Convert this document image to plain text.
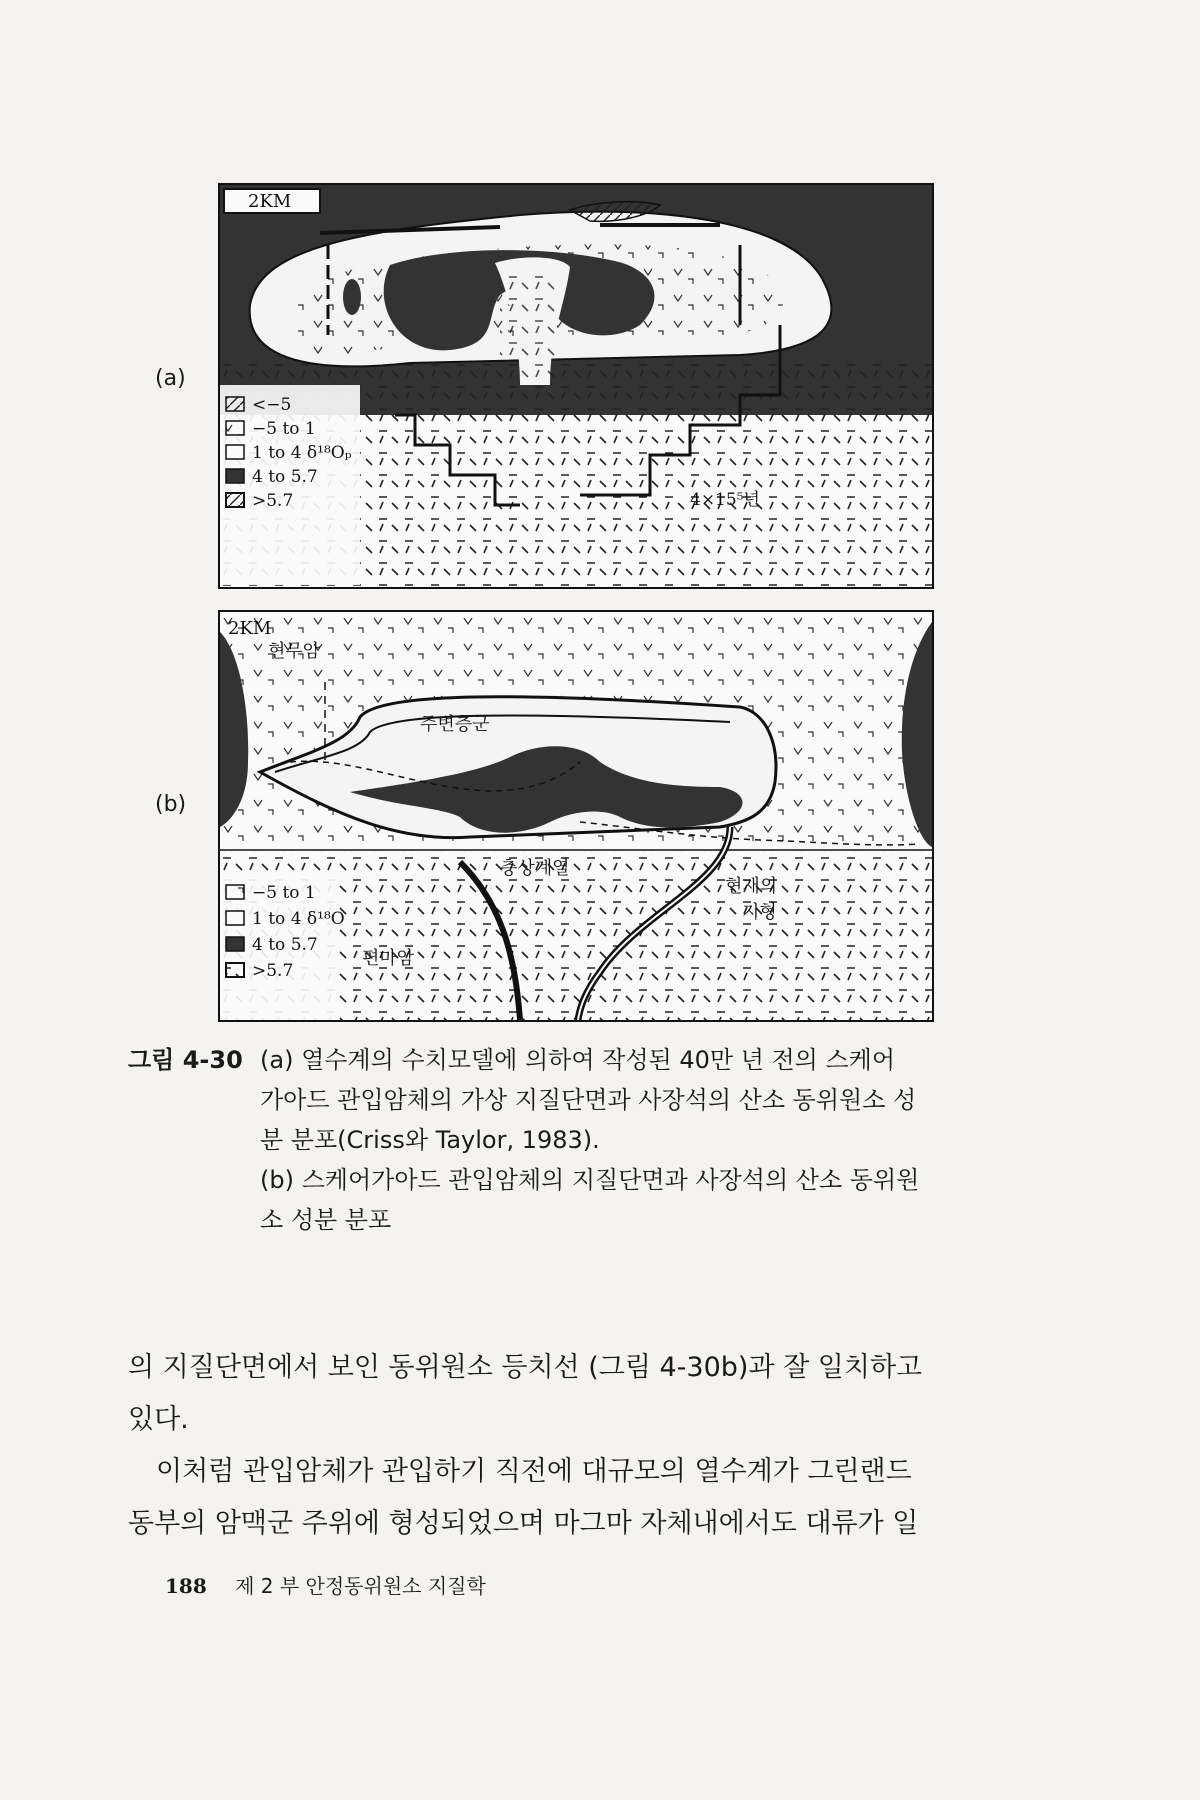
(a)
2KM
<−5
−5 to 1
1 to 4 δ¹⁸Oₚ
4 to 5.7
>5.7	4×15⁵년
(b)
2KM
현무암
주변층군
층상계열
현재의
지형
편마암
−5 to 1
1 to 4 δ¹⁸O
4 to 5.7
>5.7
그림 4-30 (a) 열수계의 수치모델에 의하여 작성된 40만 년 전의 스케어
가아드 관입암체의 가상 지질단면과 사장석의 산소 동위원소 성
분 분포(Criss와 Taylor, 1983).
(b) 스케어가아드 관입암체의 지질단면과 사장석의 산소 동위원
소 성분 분포
의 지질단면에서 보인 동위원소 등치선 (그림 4-30b)과 잘 일치하고
있다.
이처럼 관입암체가 관입하기 직전에 대규모의 열수계가 그린랜드
동부의 암맥군 주위에 형성되었으며 마그마 자체내에서도 대류가 일
188 제 2 부 안정동위원소 지질학
